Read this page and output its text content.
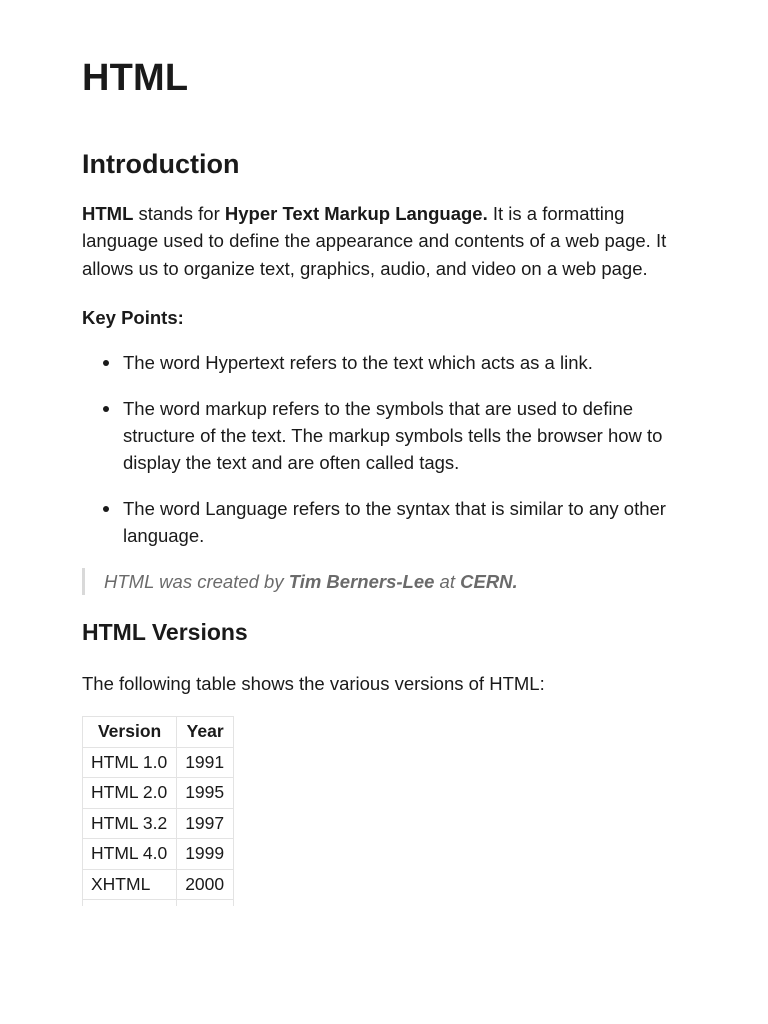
HTML
Introduction

HTML stands for Hyper Text Markup Language. It is a formatting language used to define the appearance and contents of a web page. It allows us to organize text, graphics, audio, and video on a web page.

Key Points:

The word Hypertext refers to the text which acts as a link.
The word markup refers to the symbols that are used to define structure of the text. The markup symbols tells the browser how to display the text and are often called tags.
The word Language refers to the syntax that is similar to any other language.
HTML was created by Tim Berners-Lee at CERN.
HTML Versions

The following table shows the various versions of HTML:

Version	Year
HTML 1.0	1991
HTML 2.0	1995
HTML 3.2	1997
HTML 4.0	1999
XHTML	2000
